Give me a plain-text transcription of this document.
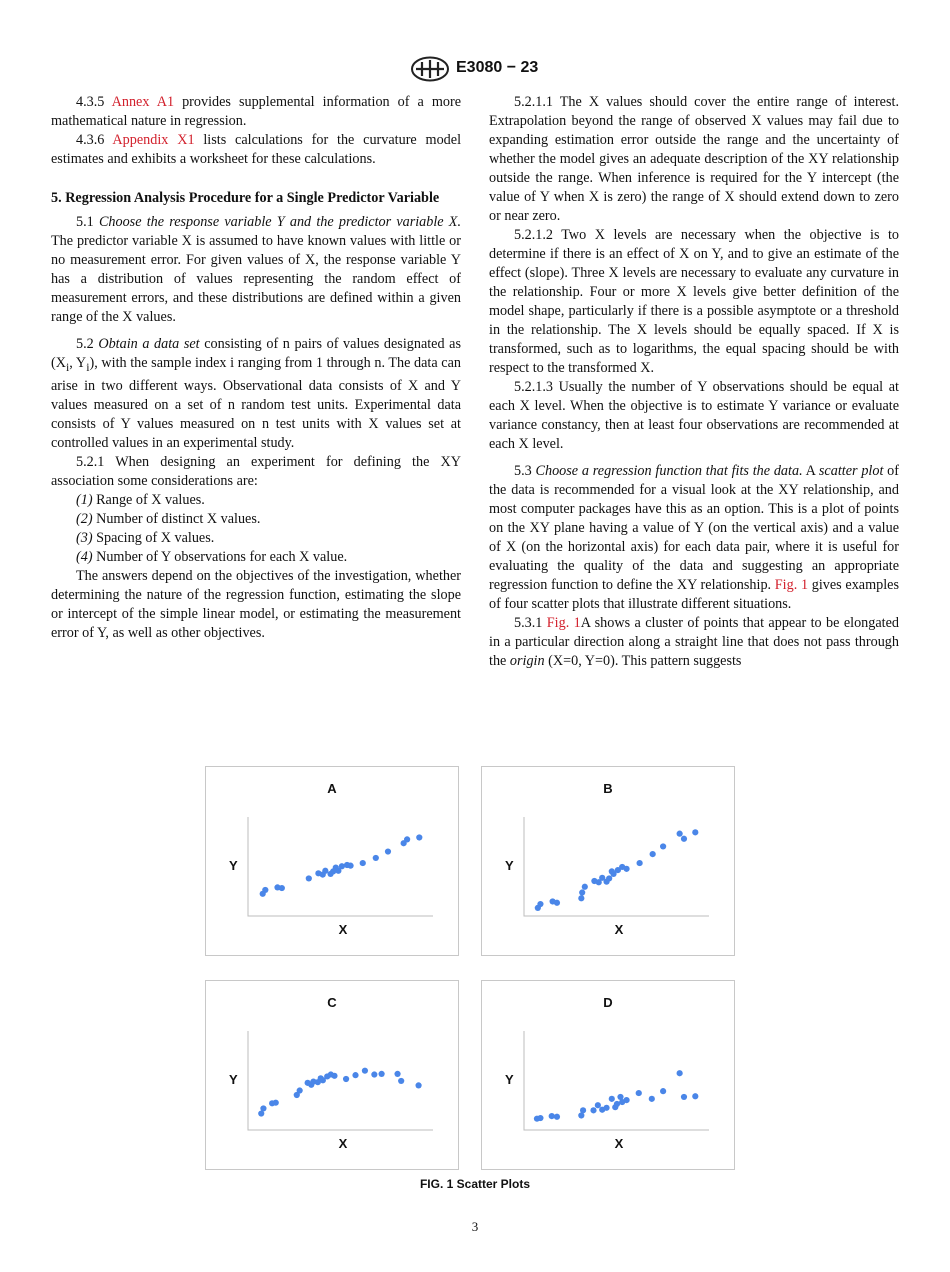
E3080 − 23

4.3.5 Annex A1 provides supplemental information of a more mathematical nature in regression.

4.3.6 Appendix X1 lists calculations for the curvature model estimates and exhibits a worksheet for these calculations.

5. Regression Analysis Procedure for a Single Predictor Variable

5.1 Choose the response variable Y and the predictor variable X. The predictor variable X is assumed to have known values with little or no measurement error. For given values of X, the response variable Y has a distribution of values representing the random effect of measurement errors, and these distributions are defined within a given range of the X values.

5.2 Obtain a data set consisting of n pairs of values designated as ($X_i$, $Y_i$), with the sample index i ranging from 1 through n. The data can arise in two different ways. Observational data consists of X and Y values measured on a set of n random test units. Experimental data consists of Y values measured on n test units with X values set at controlled values in an experimental study.

5.2.1 When designing an experiment for defining the XY association some considerations are:

(1) Range of X values.

(2) Number of distinct X values.

(3) Spacing of X values.

(4) Number of Y observations for each X value.

The answers depend on the objectives of the investigation, whether determining the nature of the regression function, estimating the slope or intercept of the simple linear model, or estimating the measurement error of Y, as well as other objectives.

5.2.1.1 The X values should cover the entire range of interest. Extrapolation beyond the range of observed X values may fail due to expanding estimation error outside the range and the uncertainty of whether the model gives an adequate description of the XY relationship outside the range. When inference is required for the Y intercept (the value of Y when X is zero) the range of X should extend down to zero or near zero.

5.2.1.2 Two X levels are necessary when the objective is to determine if there is an effect of X on Y, and to give an estimate of the effect (slope). Three X levels are necessary to evaluate any curvature in the relationship. Four or more X levels give better definition of the model shape, particularly if there is a possible asymptote or a threshold in the relationship. The X levels should be equally spaced. If X is transformed, such as to logarithms, the equal spacing should be with respect to the transformed X.

5.2.1.3 Usually the number of Y observations should be equal at each X level. When the objective is to estimate Y variance or evaluate variance constancy, then at least four observations are recommended at each X level.

5.3 Choose a regression function that fits the data. A scatter plot of the data is recommended for a visual look at the XY relationship, and most computer packages have this as an option. This is a plot of points on the XY plane having a value of Y (on the vertical axis) and a value of X (on the horizontal axis) for each data pair, where it is useful for evaluating the quality of the data and suggesting an appropriate regression function to define the XY relationship. Fig. 1 gives examples of four scatter plots that illustrate different situations.

5.3.1 Fig. 1A shows a cluster of points that appear to be elongated in a particular direction along a straight line that does not pass through the origin (X=0, Y=0). This pattern suggests

A
Y
X
B
Y
X
C
Y
X
D
Y
X
FIG. 1 Scatter Plots
3
